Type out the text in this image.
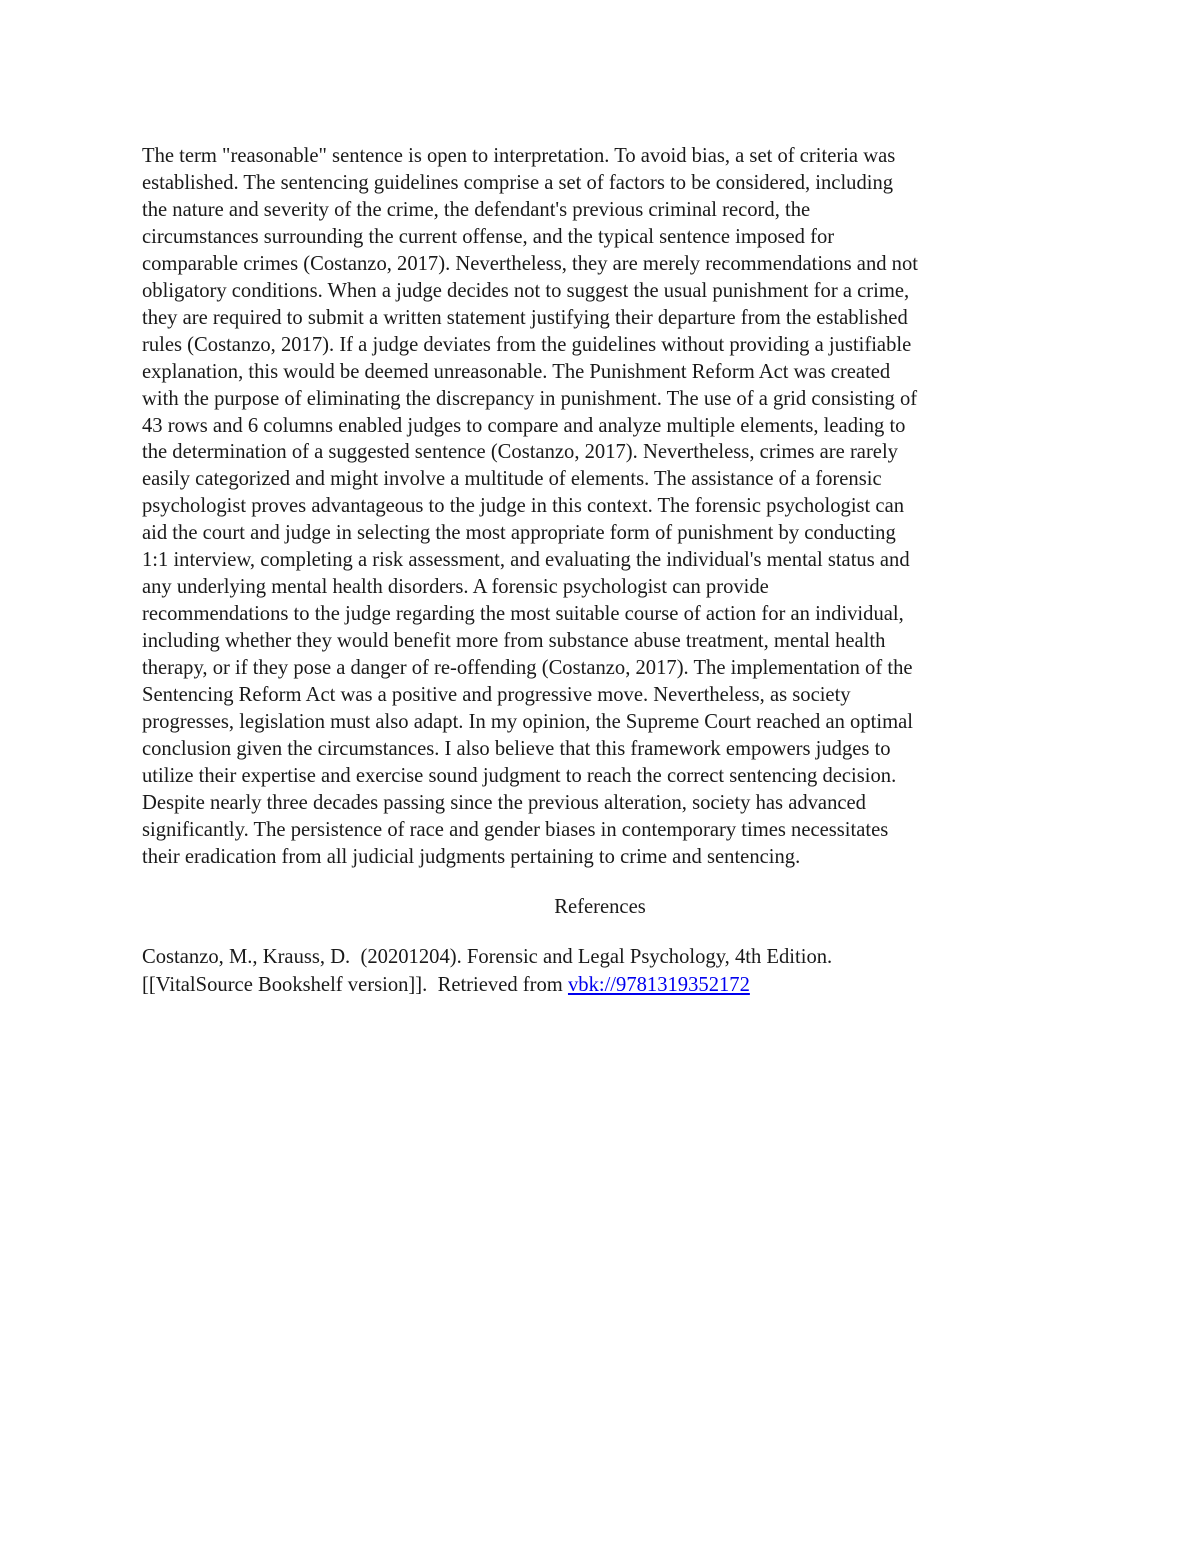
The term "reasonable" sentence is open to interpretation. To avoid bias, a set of criteria was
established. The sentencing guidelines comprise a set of factors to be considered, including
the nature and severity of the crime, the defendant's previous criminal record, the
circumstances surrounding the current offense, and the typical sentence imposed for
comparable crimes (Costanzo, 2017). Nevertheless, they are merely recommendations and not
obligatory conditions. When a judge decides not to suggest the usual punishment for a crime,
they are required to submit a written statement justifying their departure from the established
rules (Costanzo, 2017). If a judge deviates from the guidelines without providing a justifiable
explanation, this would be deemed unreasonable. The Punishment Reform Act was created
with the purpose of eliminating the discrepancy in punishment. The use of a grid consisting of
43 rows and 6 columns enabled judges to compare and analyze multiple elements, leading to
the determination of a suggested sentence (Costanzo, 2017). Nevertheless, crimes are rarely
easily categorized and might involve a multitude of elements. The assistance of a forensic
psychologist proves advantageous to the judge in this context. The forensic psychologist can
aid the court and judge in selecting the most appropriate form of punishment by conducting
1:1 interview, completing a risk assessment, and evaluating the individual's mental status and
any underlying mental health disorders. A forensic psychologist can provide
recommendations to the judge regarding the most suitable course of action for an individual,
including whether they would benefit more from substance abuse treatment, mental health
therapy, or if they pose a danger of re-offending (Costanzo, 2017). The implementation of the
Sentencing Reform Act was a positive and progressive move. Nevertheless, as society
progresses, legislation must also adapt. In my opinion, the Supreme Court reached an optimal
conclusion given the circumstances. I also believe that this framework empowers judges to
utilize their expertise and exercise sound judgment to reach the correct sentencing decision.
Despite nearly three decades passing since the previous alteration, society has advanced
significantly. The persistence of race and gender biases in contemporary times necessitates
their eradication from all judicial judgments pertaining to crime and sentencing.

References

Costanzo, M., Krauss, D.  (20201204). Forensic and Legal Psychology, 4th Edition.
[[VitalSource Bookshelf version]].  Retrieved from vbk://9781319352172
